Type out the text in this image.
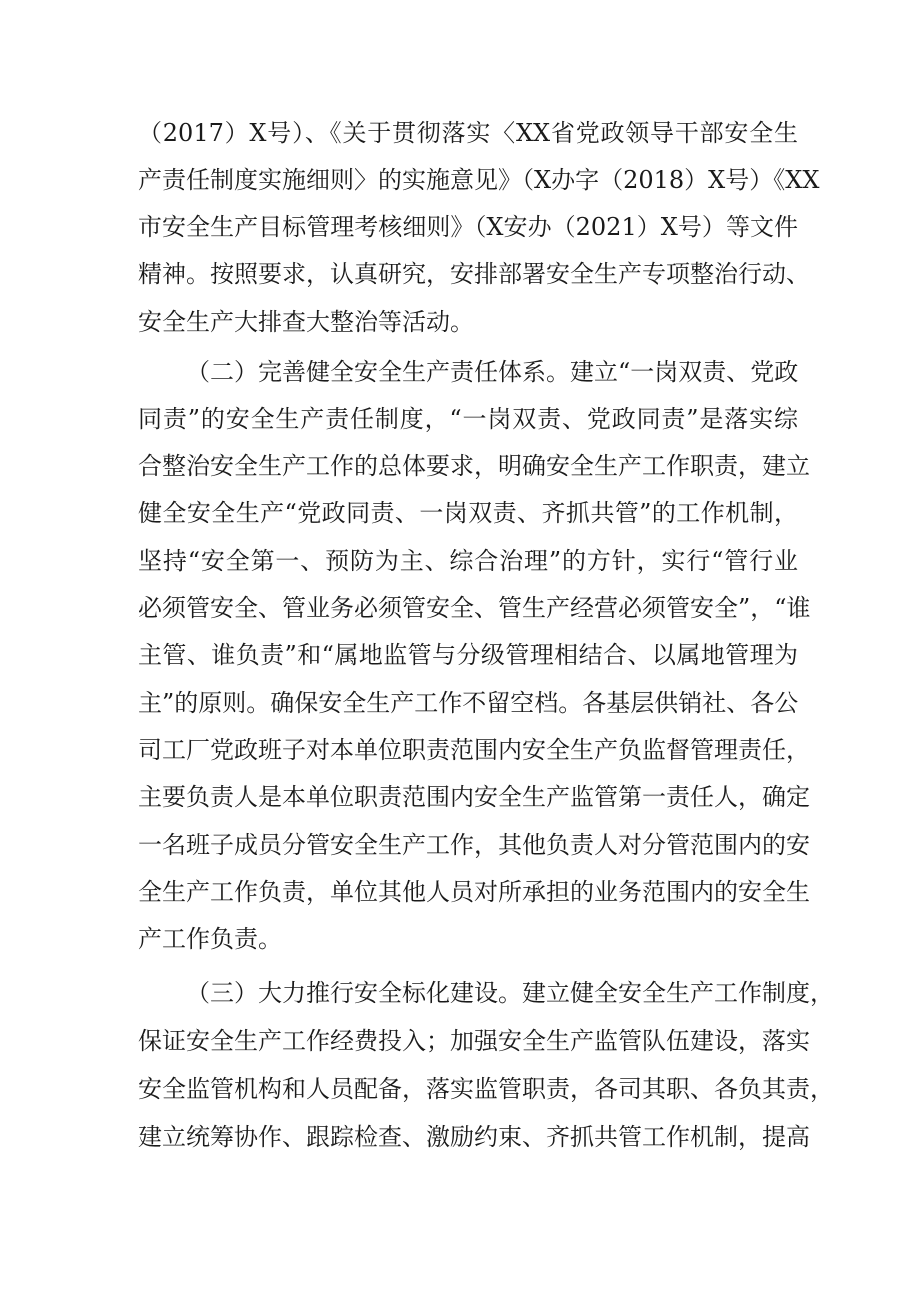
（2017）X号）、《关于贯彻落实〈XX省党政领导干部安全生
产责任制度实施细则〉的实施意见》（X办字（2018）X号）《XX
市安全生产目标管理考核细则》（X安办（2021）X号）等文件
精神。按照要求，认真研究，安排部署安全生产专项整治行动、
安全生产大排查大整治等活动。
（二）完善健全安全生产责任体系。建立“一岗双责、党政
同责”的安全生产责任制度，“一岗双责、党政同责”是落实综
合整治安全生产工作的总体要求，明确安全生产工作职责，建立
健全安全生产“党政同责、一岗双责、齐抓共管”的工作机制，
坚持“安全第一、预防为主、综合治理”的方针，实行“管行业
必须管安全、管业务必须管安全、管生产经营必须管安全”，“谁
主管、谁负责”和“属地监管与分级管理相结合、以属地管理为
主”的原则。确保安全生产工作不留空档。各基层供销社、各公
司工厂党政班子对本单位职责范围内安全生产负监督管理责任，
主要负责人是本单位职责范围内安全生产监管第一责任人，确定
一名班子成员分管安全生产工作，其他负责人对分管范围内的安
全生产工作负责，单位其他人员对所承担的业务范围内的安全生
产工作负责。
（三）大力推行安全标化建设。建立健全安全生产工作制度，
保证安全生产工作经费投入；加强安全生产监管队伍建设，落实
安全监管机构和人员配备，落实监管职责，各司其职、各负其责，
建立统筹协作、跟踪检查、激励约束、齐抓共管工作机制，提高
